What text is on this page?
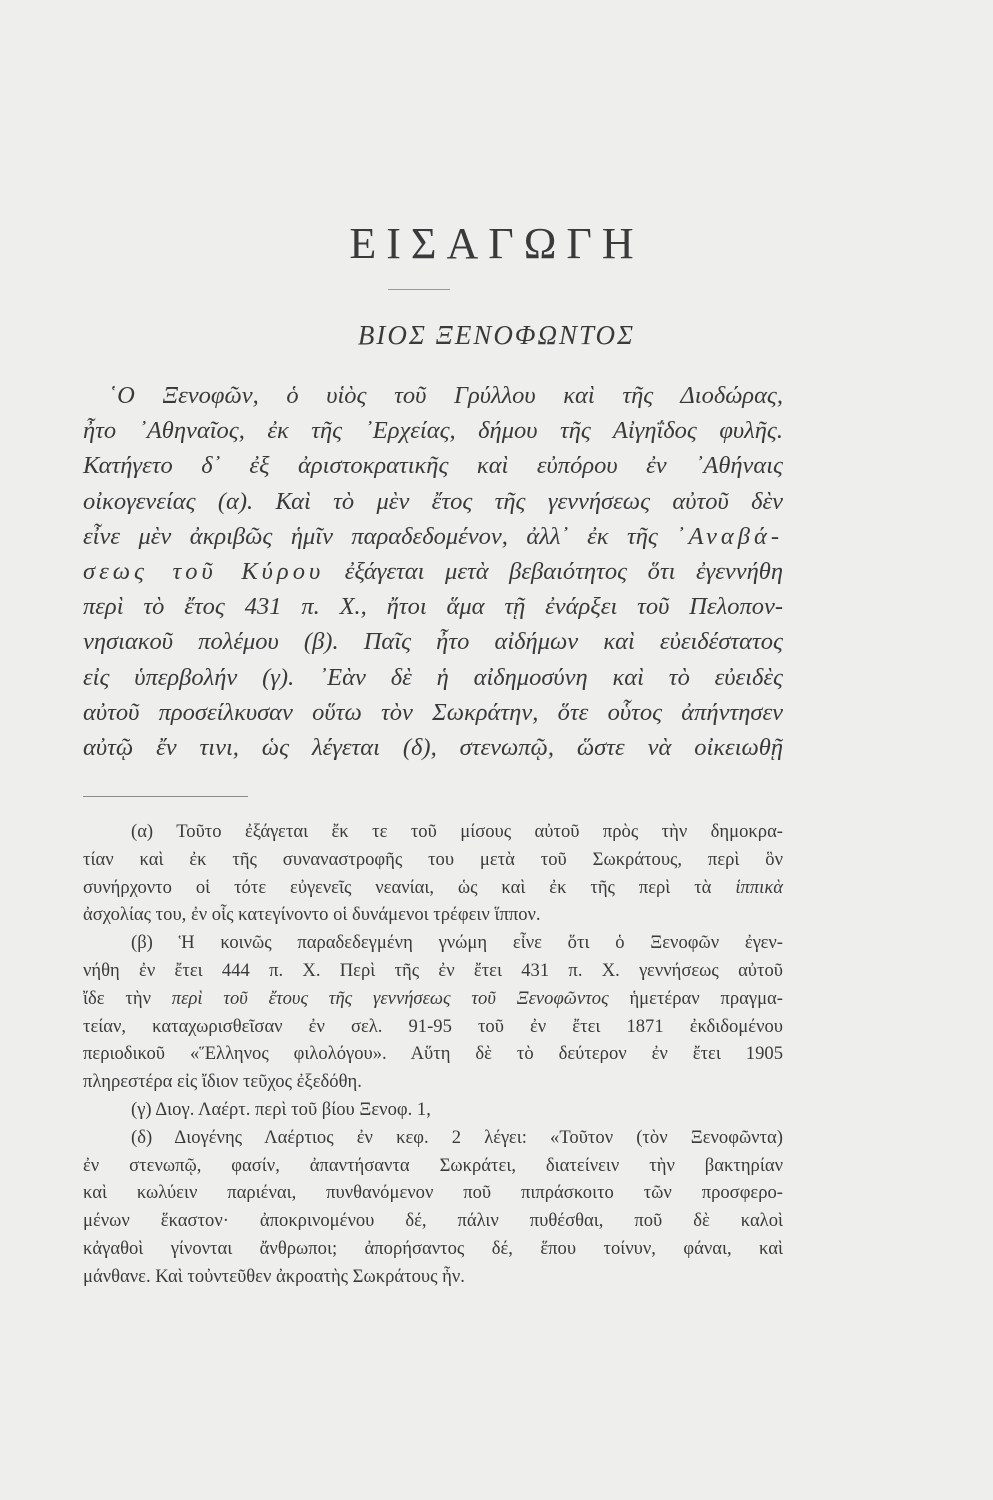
ΕΙΣΑΓΩΓΗ
ΒΙΟΣ ΞΕΝΟΦΩΝΤΟΣ
῾Ο Ξενοφῶν, ὁ υἱὸς τοῦ Γρύλλου καὶ τῆς Διοδώρας,
ἦτο ᾿Αθηναῖος, ἐκ τῆς ᾿Ερχείας, δήμου τῆς Αἰγηΐδος φυλῆς.
Κατήγετο δ᾿ ἐξ ἀριστοκρατικῆς καὶ εὐπόρου ἐν ᾿Αθήναις
οἰκογενείας (α). Καὶ τὸ μὲν ἔτος τῆς γεννήσεως αὐτοῦ δὲν
εἶνε μὲν ἀκριβῶς ἡμῖν παραδεδομένον, ἀλλ᾿ ἐκ τῆς ᾿Αναβά-
σεως τοῦ Κύρου ἐξάγεται μετὰ βεβαιότητος ὅτι ἐγεννήθη
περὶ τὸ ἔτος 431 π. Χ., ἤτοι ἅμα τῇ ἐνάρξει τοῦ Πελοπον-
νησιακοῦ πολέμου (β). Παῖς ἦτο αἰδήμων καὶ εὐειδέστατος
εἰς ὑπερβολήν (γ). ᾿Εὰν δὲ ἡ αἰδημοσύνη καὶ τὸ εὐειδὲς
αὐτοῦ προσείλκυσαν οὕτω τὸν Σωκράτην, ὅτε οὗτος ἀπήντησεν
αὐτῷ ἔν τινι, ὡς λέγεται (δ), στενωπῷ, ὥστε νὰ οἰκειωθῇ
(α) Τοῦτο ἐξάγεται ἔκ τε τοῦ μίσους αὐτοῦ πρὸς τὴν δημοκρα-
τίαν καὶ ἐκ τῆς συναναστροφῆς του μετὰ τοῦ Σωκράτους, περὶ ὃν
συνήρχοντο οἱ τότε εὐγενεῖς νεανίαι, ὡς καὶ ἐκ τῆς περὶ τὰ ἱππικὰ
ἀσχολίας του, ἐν οἷς κατεγίνοντο οἱ δυνάμενοι τρέφειν ἵππον.
(β) Ἡ κοινῶς παραδεδεγμένη γνώμη εἶνε ὅτι ὁ Ξενοφῶν ἐγεν-
νήθη ἐν ἔτει 444 π. Χ. Περὶ τῆς ἐν ἔτει 431 π. Χ. γεννήσεως αὐτοῦ
ἴδε τὴν περὶ τοῦ ἔτους τῆς γεννήσεως τοῦ Ξενοφῶντος ἡμετέραν πραγμα-
τείαν, καταχωρισθεῖσαν ἐν σελ. 91-95 τοῦ ἐν ἔτει 1871 ἐκδιδομένου
περιοδικοῦ «Ἕλληνος φιλολόγου». Αὕτη δὲ τὸ δεύτερον ἐν ἔτει 1905
πληρεστέρα εἰς ἴδιον τεῦχος ἐξεδόθη.
(γ) Διογ. Λαέρτ. περὶ τοῦ βίου Ξενοφ. 1,
(δ) Διογένης Λαέρτιος ἐν κεφ. 2 λέγει: «Τοῦτον (τὸν Ξενοφῶντα)
ἐν στενωπῷ, φασίν, ἀπαντήσαντα Σωκράτει, διατείνειν τὴν βακτηρίαν
καὶ κωλύειν παριέναι, πυνθανόμενον ποῦ πιπράσκοιτο τῶν προσφερο-
μένων ἕκαστον· ἀποκρινομένου δέ, πάλιν πυθέσθαι, ποῦ δὲ καλοὶ
κἀγαθοὶ γίνονται ἄνθρωποι; ἀπορήσαντος δέ, ἕπου τοίνυν, φάναι, καὶ
μάνθανε. Καὶ τοὐντεῦθεν ἀκροατὴς Σωκράτους ἦν.
